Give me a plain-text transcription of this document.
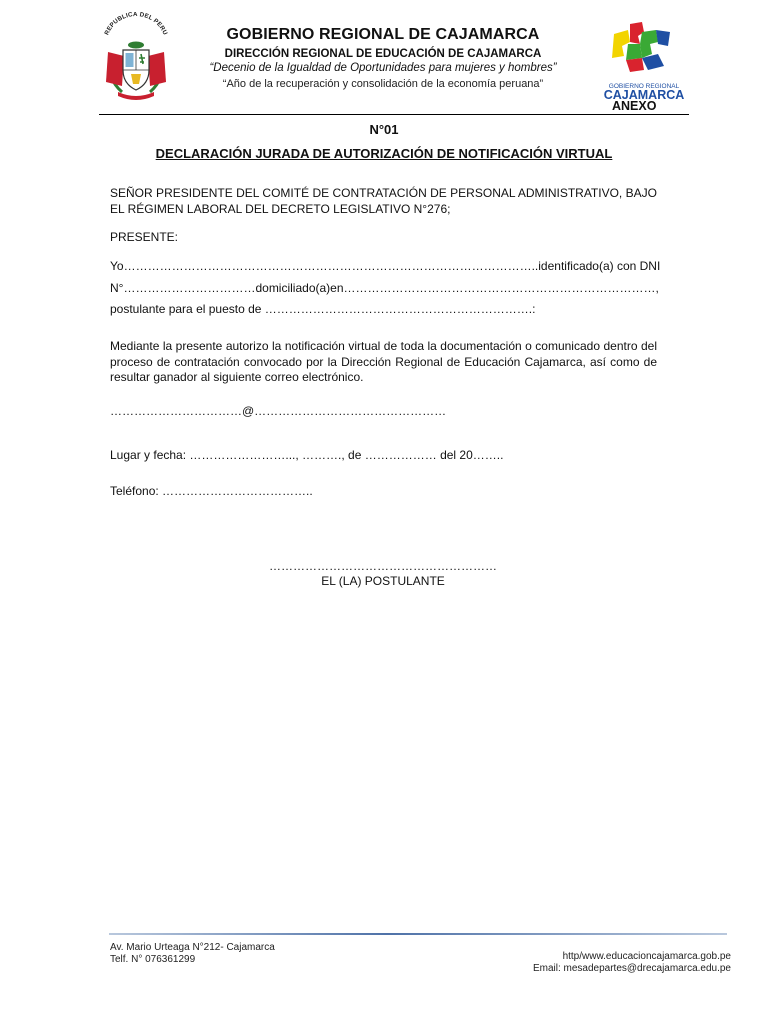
REPUBLICA DEL PERU	GOBIERNO REGIONAL DE CAJAMARCA
DIRECCIÓN REGIONAL DE EDUCACIÓN DE CAJAMARCA
“Decenio de la Igualdad de Oportunidades para mujeres y hombres”
“Año de la recuperación y consolidación de la economía peruana”	GOBIERNO REGIONAL
CAJAMARCA
ANEXO
N°01
DECLARACIÓN JURADA DE AUTORIZACIÓN DE NOTIFICACIÓN VIRTUAL
SEÑOR PRESIDENTE DEL COMITÉ DE CONTRATACIÓN DE PERSONAL ADMINISTRATIVO, BAJO EL RÉGIMEN LABORAL DEL DECRETO LEGISLATIVO N°276;
PRESENTE:
Yo ………………………………………………………………………………………….. identificado(a) con DNI
N°……………………………domiciliado(a)en……………………………………………………………………,
postulante para el puesto de ………………………………………………………….:
Mediante la presente autorizo la notificación virtual de toda la documentación o comunicado dentro del proceso de contratación convocado por la Dirección Regional de Educación Cajamarca, así como de resultar ganador al siguiente correo electrónico.
……………………………@…………………………………………
Lugar y fecha: ……………………..., ………., de ……………… del 20……..
Teléfono: ………………………………..
…………………………………………………
EL (LA) POSTULANTE
Av. Mario Urteaga N°212- Cajamarca
Telf. N° 076361299	http/www.educacioncajamarca.gob.pe
Email: mesadepartes@drecajamarca.edu.pe
